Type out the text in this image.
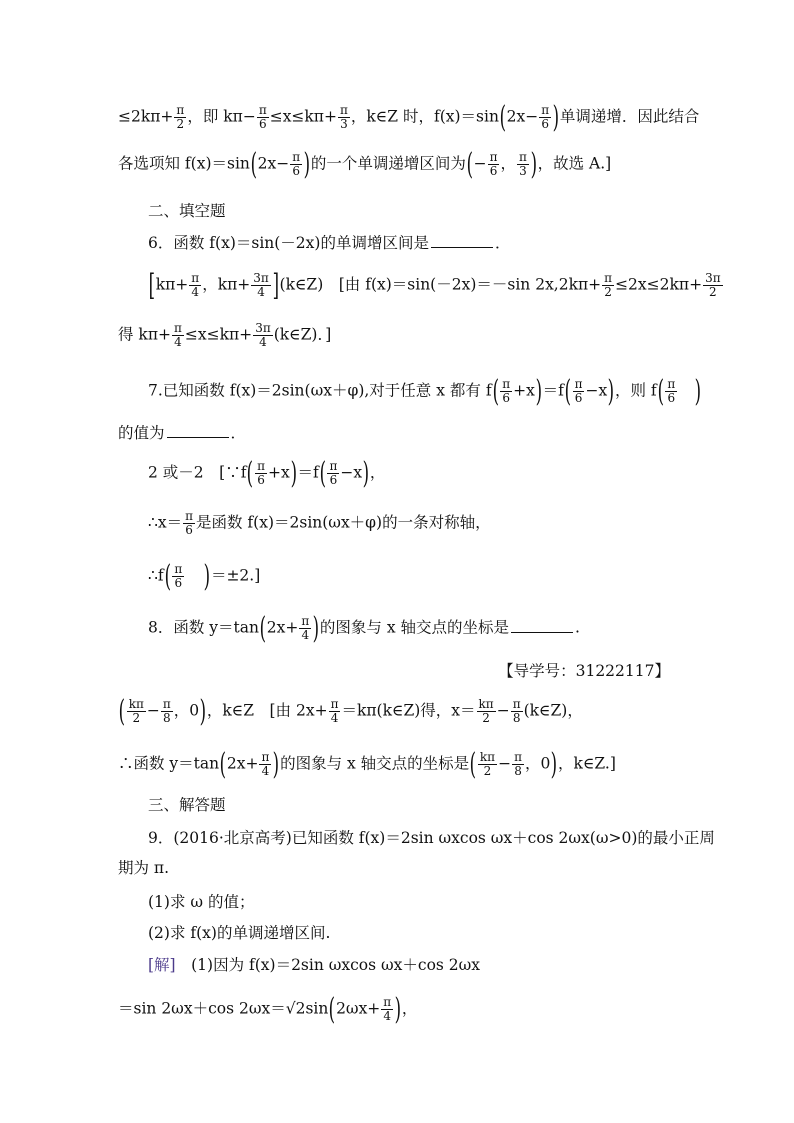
$\le 2k\pi+ \frac{\pi}{2}$ ，即 $k\pi- \frac{\pi}{6} \le x\le k\pi+ \frac{\pi}{3}$ ，k∈Z 时，$f(x)=\sin(2x- \frac{\pi}{6}$ )单调递增．因此结合
各选项知 $f(x)=\sin(2x- \frac{\pi}{6}$ )的一个单调递增区间为(− $\frac{\pi}{6}$ ， $\frac{\pi}{3}$ )，故选 A.]
二、填空题
6．函数 f(x)＝sin(－2x)的单调增区间是	．
[$k\pi+ \frac{\pi}{4}$ ，$k\pi+ \frac{3\pi}{4}$ ](k∈Z)　[由 f(x)＝sin(－2x)＝－sin $2x,2k\pi+ \frac{\pi}{2} \le 2x\le 2k\pi+ \frac{3\pi}{2}$
得 $k\pi+ \frac{\pi}{4} \le x\le k\pi+ \frac{3\pi}{4}$ (k∈Z)．]
7.已知函数 f(x)＝2sin(ωx＋φ),对于任意 x 都有 $f( \frac{\pi}{6} +x)=f( \frac{\pi}{6} -x)$，则 $f( \frac{\pi}{6}$ )
的值为	．
2 或－2　[∵f( $\frac{\pi}{6} +x)=f( \frac{\pi}{6} -x)$，
∴x＝ $\frac{\pi}{6}$ 是函数 f(x)＝2sin(ωx＋φ)的一条对称轴，
∴f( $\frac{\pi}{6} )=\pm 2$.]
8．函数 $y=\tan(2x+ \frac{\pi}{4}$ )的图象与 x 轴交点的坐标是	.
【导学号：31222117】
( $\frac{k\pi}{2} - \frac{\pi}{8}$ ，0)，k∈Z　[由 $2x+ \frac{\pi}{4}$ ＝kπ(k∈Z)得，$x= \frac{k\pi}{2} - \frac{\pi}{8}$ (k∈Z)，
∴函数 $y=\tan(2x+ \frac{\pi}{4}$ )的图象与 x 轴交点的坐标是( $\frac{k\pi}{2} - \frac{\pi}{8}$ ，0)，k∈Z.]
三、解答题
9．(2016·北京高考)已知函数 f(x)＝2sin ωxcos ωx＋cos 2ωx(ω>0)的最小正周
期为 π.
(1)求 ω 的值；
(2)求 f(x)的单调递增区间.
[解]　(1)因为 f(x)＝2sin ωxcos ωx＋cos 2ωx
＝sin 2ωx＋cos $2\omega x=√2\sin(2\omega x+ \frac{\pi}{4}$ )，
